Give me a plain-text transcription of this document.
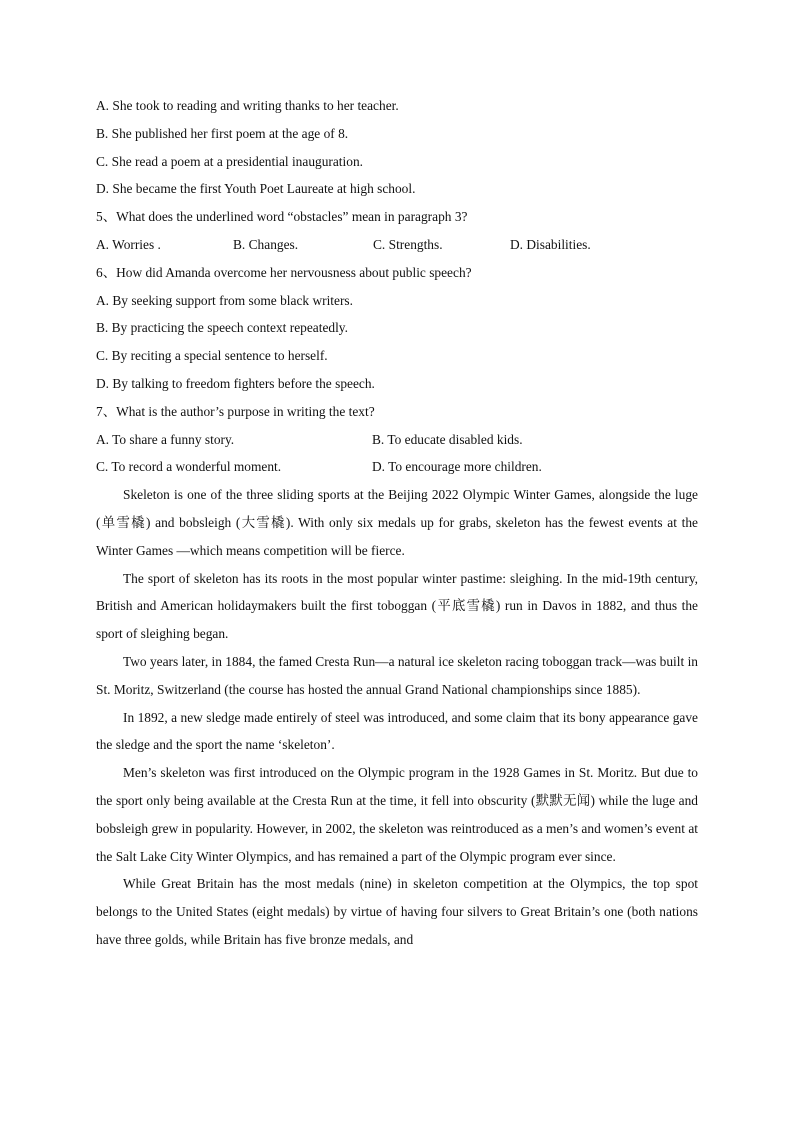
A. She took to reading and writing thanks to her teacher.
B. She published her first poem at the age of 8.
C. She read a poem at a presidential inauguration.
D. She became the first Youth Poet Laureate at high school.
5、What does the underlined word “obstacles” mean in paragraph 3?
A. Worries .	B. Changes.	C. Strengths.	D. Disabilities.
6、How did Amanda overcome her nervousness about public speech?
A. By seeking support from some black writers.
B. By practicing the speech context repeatedly.
C. By reciting a special sentence to herself.
D. By talking to freedom fighters before the speech.
7、What is the author’s purpose in writing the text?
A. To share a funny story.	B. To educate disabled kids.
C. To record a wonderful moment.	D. To encourage more children.

Skeleton is one of the three sliding sports at the Beijing 2022 Olympic Winter Games, alongside the luge (单雪橇) and bobsleigh (大雪橇). With only six medals up for grabs, skeleton has the fewest events at the Winter Games —which means competition will be fierce.

The sport of skeleton has its roots in the most popular winter pastime: sleighing. In the mid-19th century, British and American holidaymakers built the first toboggan (平底雪橇) run in Davos in 1882, and thus the sport of sleighing began.

Two years later, in 1884, the famed Cresta Run—a natural ice skeleton racing toboggan track—was built in St. Moritz, Switzerland (the course has hosted the annual Grand National championships since 1885).

In 1892, a new sledge made entirely of steel was introduced, and some claim that its bony appearance gave the sledge and the sport the name ‘skeleton’.

Men’s skeleton was first introduced on the Olympic program in the 1928 Games in St. Moritz. But due to the sport only being available at the Cresta Run at the time, it fell into obscurity (默默无闻) while the luge and bobsleigh grew in popularity. However, in 2002, the skeleton was reintroduced as a men’s and women’s event at the Salt Lake City Winter Olympics, and has remained a part of the Olympic program ever since.

While Great Britain has the most medals (nine) in skeleton competition at the Olympics, the top spot belongs to the United States (eight medals) by virtue of having four silvers to Great Britain’s one (both nations have three golds, while Britain has five bronze medals, and
